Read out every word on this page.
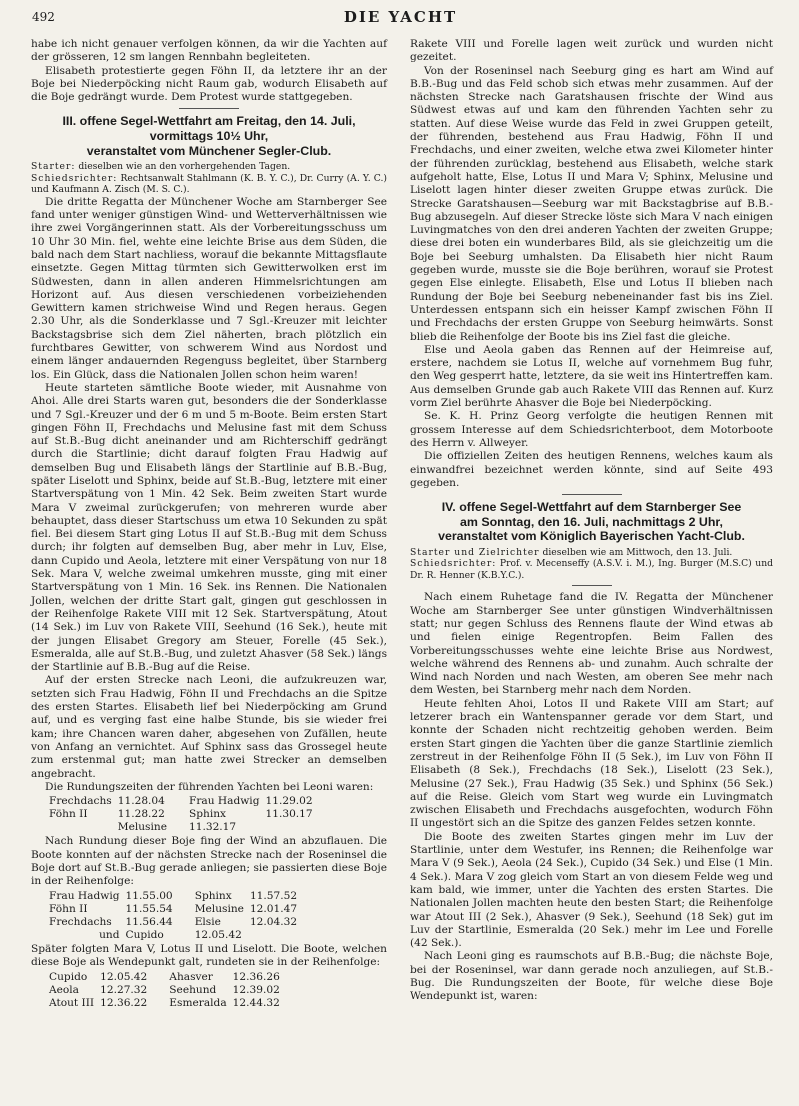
492	DIE YACHT

habe ich nicht genauer verfolgen können, da wir die Yachten auf der grösseren, 12 sm langen Rennbahn begleiteten.

Elisabeth protestierte gegen Föhn II, da letztere ihr an der Boje bei Niederpöcking nicht Raum gab, wodurch Elisabeth auf die Boje gedrängt wurde. Dem Protest wurde stattgegeben.

III. offene Segel-Wettfahrt am Freitag, den 14. Juli,
vormittags 10½ Uhr,
veranstaltet vom Münchener Segler-Club.

Starter: dieselben wie an den vorhergehenden Tagen.

Schiedsrichter: Rechtsanwalt Stahlmann (K. B. Y. C.), Dr. Curry (A. Y. C.) und Kaufmann A. Zisch (M. S. C.).

Die dritte Regatta der Münchener Woche am Starnberger See fand unter weniger günstigen Wind- und Wetterverhältnissen wie ihre zwei Vorgängerinnen statt. Als der Vorbereitungsschuss um 10 Uhr 30 Min. fiel, wehte eine leichte Brise aus dem Süden, die bald nach dem Start nachliess, worauf die bekannte Mittagsflaute einsetzte. Gegen Mittag türmten sich Gewitterwolken erst im Südwesten, dann in allen anderen Himmelsrichtungen am Horizont auf. Aus diesen verschiedenen vorbeiziehenden Gewittern kamen strichweise Wind und Regen heraus. Gegen 2.30 Uhr, als die Sonderklasse und 7 Sgl.-Kreuzer mit leichter Backstagsbrise sich dem Ziel näherten, brach plötzlich ein furchtbares Gewitter, von schwerem Wind aus Nordost und einem länger andauernden Regenguss begleitet, über Starnberg los. Ein Glück, dass die Nationalen Jollen schon heim waren!

Heute starteten sämtliche Boote wieder, mit Ausnahme von Ahoi. Alle drei Starts waren gut, besonders die der Sonderklasse und 7 Sgl.-Kreuzer und der 6 m und 5 m-Boote. Beim ersten Start gingen Föhn II, Frechdachs und Melusine fast mit dem Schuss auf St.B.-Bug dicht aneinander und am Richterschiff gedrängt durch die Startlinie; dicht darauf folgten Frau Hadwig auf demselben Bug und Elisabeth längs der Startlinie auf B.B.-Bug, später Liselott und Sphinx, beide auf St.B.-Bug, letztere mit einer Startverspätung von 1 Min. 42 Sek. Beim zweiten Start wurde Mara V zweimal zurückgerufen; von mehreren wurde aber behauptet, dass dieser Startschuss um etwa 10 Sekunden zu spät fiel. Bei diesem Start ging Lotus II auf St.B.-Bug mit dem Schuss durch; ihr folgten auf demselben Bug, aber mehr in Luv, Else, dann Cupido und Aeola, letztere mit einer Verspätung von nur 18 Sek. Mara V, welche zweimal umkehren musste, ging mit einer Startverspätung von 1 Min. 16 Sek. ins Rennen. Die Nationalen Jollen, welchen der dritte Start galt, gingen gut geschlossen in der Reihenfolge Rakete VIII mit 12 Sek. Startverspätung, Atout (14 Sek.) im Luv von Rakete VIII, Seehund (16 Sek.), heute mit der jungen Elisabet Gregory am Steuer, Forelle (45 Sek.), Esmeralda, alle auf St.B.-Bug, und zuletzt Ahasver (58 Sek.) längs der Startlinie auf B.B.-Bug auf die Reise.

Auf der ersten Strecke nach Leoni, die aufzukreuzen war, setzten sich Frau Hadwig, Föhn II und Frechdachs an die Spitze des ersten Startes. Elisabeth lief bei Niederpöcking am Grund auf, und es verging fast eine halbe Stunde, bis sie wieder frei kam; ihre Chancen waren daher, abgesehen von Zufällen, heute von Anfang an vernichtet. Auf Sphinx sass das Grossegel heute zum erstenmal gut; man hatte zwei Strecker an demselben angebracht.

Die Rundungszeiten der führenden Yachten bei Leoni waren:

Frechdachs	11.28.04	Frau Hadwig	11.29.02
Föhn II	11.28.22	Sphinx	11.30.17
	Melusine	11.32.17	

Nach Rundung dieser Boje fing der Wind an abzuflauen. Die Boote konnten auf der nächsten Strecke nach der Roseninsel die Boje dort auf St.B.-Bug gerade anliegen; sie passierten diese Boje in der Reihenfolge:

Frau Hadwig	11.55.00	Sphinx	11.57.52
Föhn II	11.55.54	Melusine	12.01.47
Frechdachs	11.56.44	Elsie	12.04.32
und	Cupido	12.05.42	

Später folgten Mara V, Lotus II und Liselott. Die Boote, welchen diese Boje als Wendepunkt galt, rundeten sie in der Reihenfolge:

Cupido	12.05.42	Ahasver	12.36.26
Aeola	12.27.32	Seehund	12.39.02
Atout III	12.36.22	Esmeralda	12.44.32

Rakete VIII und Forelle lagen weit zurück und wurden nicht gezeitet.

Von der Roseninsel nach Seeburg ging es hart am Wind auf B.B.-Bug und das Feld schob sich etwas mehr zusammen. Auf der nächsten Strecke nach Garatshausen frischte der Wind aus Südwest etwas auf und kam den führenden Yachten sehr zu statten. Auf diese Weise wurde das Feld in zwei Gruppen geteilt, der führenden, bestehend aus Frau Hadwig, Föhn II und Frechdachs, und einer zweiten, welche etwa zwei Kilometer hinter der führenden zurücklag, bestehend aus Elisabeth, welche stark aufgeholt hatte, Else, Lotus II und Mara V; Sphinx, Melusine und Liselott lagen hinter dieser zweiten Gruppe etwas zurück. Die Strecke Garatshausen—Seeburg war mit Backstagbrise auf B.B.-Bug abzusegeln. Auf dieser Strecke löste sich Mara V nach einigen Luvingmatches von den drei anderen Yachten der zweiten Gruppe; diese drei boten ein wunderbares Bild, als sie gleichzeitig um die Boje bei Seeburg umhalsten. Da Elisabeth hier nicht Raum gegeben wurde, musste sie die Boje berühren, worauf sie Protest gegen Else einlegte. Elisabeth, Else und Lotus II blieben nach Rundung der Boje bei Seeburg nebeneinander fast bis ins Ziel. Unterdessen entspann sich ein heisser Kampf zwischen Föhn II und Frechdachs der ersten Gruppe von Seeburg heimwärts. Sonst blieb die Reihenfolge der Boote bis ins Ziel fast die gleiche.

Else und Aeola gaben das Rennen auf der Heimreise auf, erstere, nachdem sie Lotus II, welche auf vornehmem Bug fuhr, den Weg gesperrt hatte, letztere, da sie weit ins Hintertreffen kam. Aus demselben Grunde gab auch Rakete VIII das Rennen auf. Kurz vorm Ziel berührte Ahasver die Boje bei Niederpöcking.

Se. K. H. Prinz Georg verfolgte die heutigen Rennen mit grossem Interesse auf dem Schiedsrichterboot, dem Motorboote des Herrn v. Allweyer.

Die offiziellen Zeiten des heutigen Rennens, welches kaum als einwandfrei bezeichnet werden könnte, sind auf Seite 493 gegeben.

IV. offene Segel-Wettfahrt auf dem Starnberger See
am Sonntag, den 16. Juli, nachmittags 2 Uhr,
veranstaltet vom Königlich Bayerischen Yacht-Club.

Starter und Zielrichter dieselben wie am Mittwoch, den 13. Juli.

Schiedsrichter: Prof. v. Mecenseffy (A.S.V. i. M.), Ing. Burger (M.S.C) und Dr. R. Henner (K.B.Y.C.).

Nach einem Ruhetage fand die IV. Regatta der Münchener Woche am Starnberger See unter günstigen Windverhältnissen statt; nur gegen Schluss des Rennens flaute der Wind etwas ab und fielen einige Regentropfen. Beim Fallen des Vorbereitungsschusses wehte eine leichte Brise aus Nordwest, welche während des Rennens ab- und zunahm. Auch schralte der Wind nach Norden und nach Westen, am oberen See mehr nach dem Westen, bei Starnberg mehr nach dem Norden.

Heute fehlten Ahoi, Lotos II und Rakete VIII am Start; auf letzerer brach ein Wantenspanner gerade vor dem Start, und konnte der Schaden nicht rechtzeitig gehoben werden. Beim ersten Start gingen die Yachten über die ganze Startlinie ziemlich zerstreut in der Reihenfolge Föhn II (5 Sek.), im Luv von Föhn II Elisabeth (8 Sek.), Frechdachs (18 Sek.), Liselott (23 Sek.), Melusine (27 Sek.), Frau Hadwig (35 Sek.) und Sphinx (56 Sek.) auf die Reise. Gleich vom Start weg wurde ein Luvingmatch zwischen Elisabeth und Frechdachs ausgefochten, wodurch Föhn II ungestört sich an die Spitze des ganzen Feldes setzen konnte.

Die Boote des zweiten Startes gingen mehr im Luv der Startlinie, unter dem Westufer, ins Rennen; die Reihenfolge war Mara V (9 Sek.), Aeola (24 Sek.), Cupido (34 Sek.) und Else (1 Min. 4 Sek.). Mara V zog gleich vom Start an von diesem Felde weg und kam bald, wie immer, unter die Yachten des ersten Startes. Die Nationalen Jollen machten heute den besten Start; die Reihenfolge war Atout III (2 Sek.), Ahasver (9 Sek.), Seehund (18 Sek) gut im Luv der Startlinie, Esmeralda (20 Sek.) mehr im Lee und Forelle (42 Sek.).

Nach Leoni ging es raumschots auf B.B.-Bug; die nächste Boje, bei der Roseninsel, war dann gerade noch anzuliegen, auf St.B.-Bug. Die Rundungszeiten der Boote, für welche diese Boje Wendepunkt ist, waren:
